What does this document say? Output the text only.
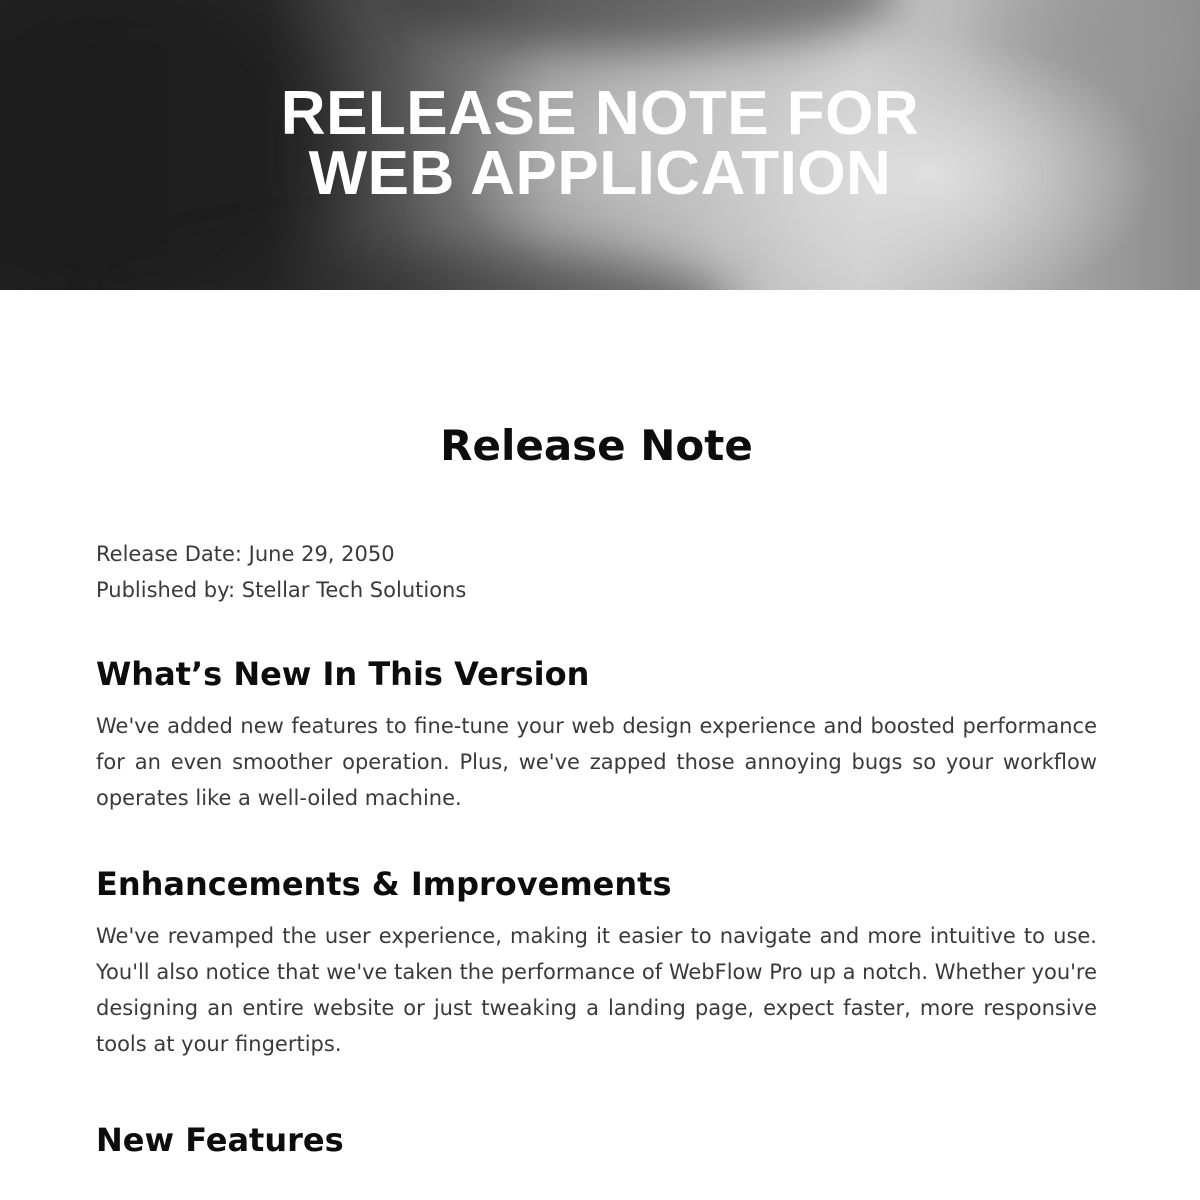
RELEASE NOTE FOR
WEB APPLICATION
Release Note
Release Date: June 29, 2050
Published by: Stellar Tech Solutions
What’s New In This Version

We've added new features to fine-tune your web design experience and boosted performance for an even smoother operation. Plus, we've zapped those annoying bugs so your workflow operates like a well-oiled machine.

Enhancements & Improvements

We've revamped the user experience, making it easier to navigate and more intuitive to use. You'll also notice that we've taken the performance of WebFlow Pro up a notch. Whether you're designing an entire website or just tweaking a landing page, expect faster, more responsive tools at your fingertips.

New Features
